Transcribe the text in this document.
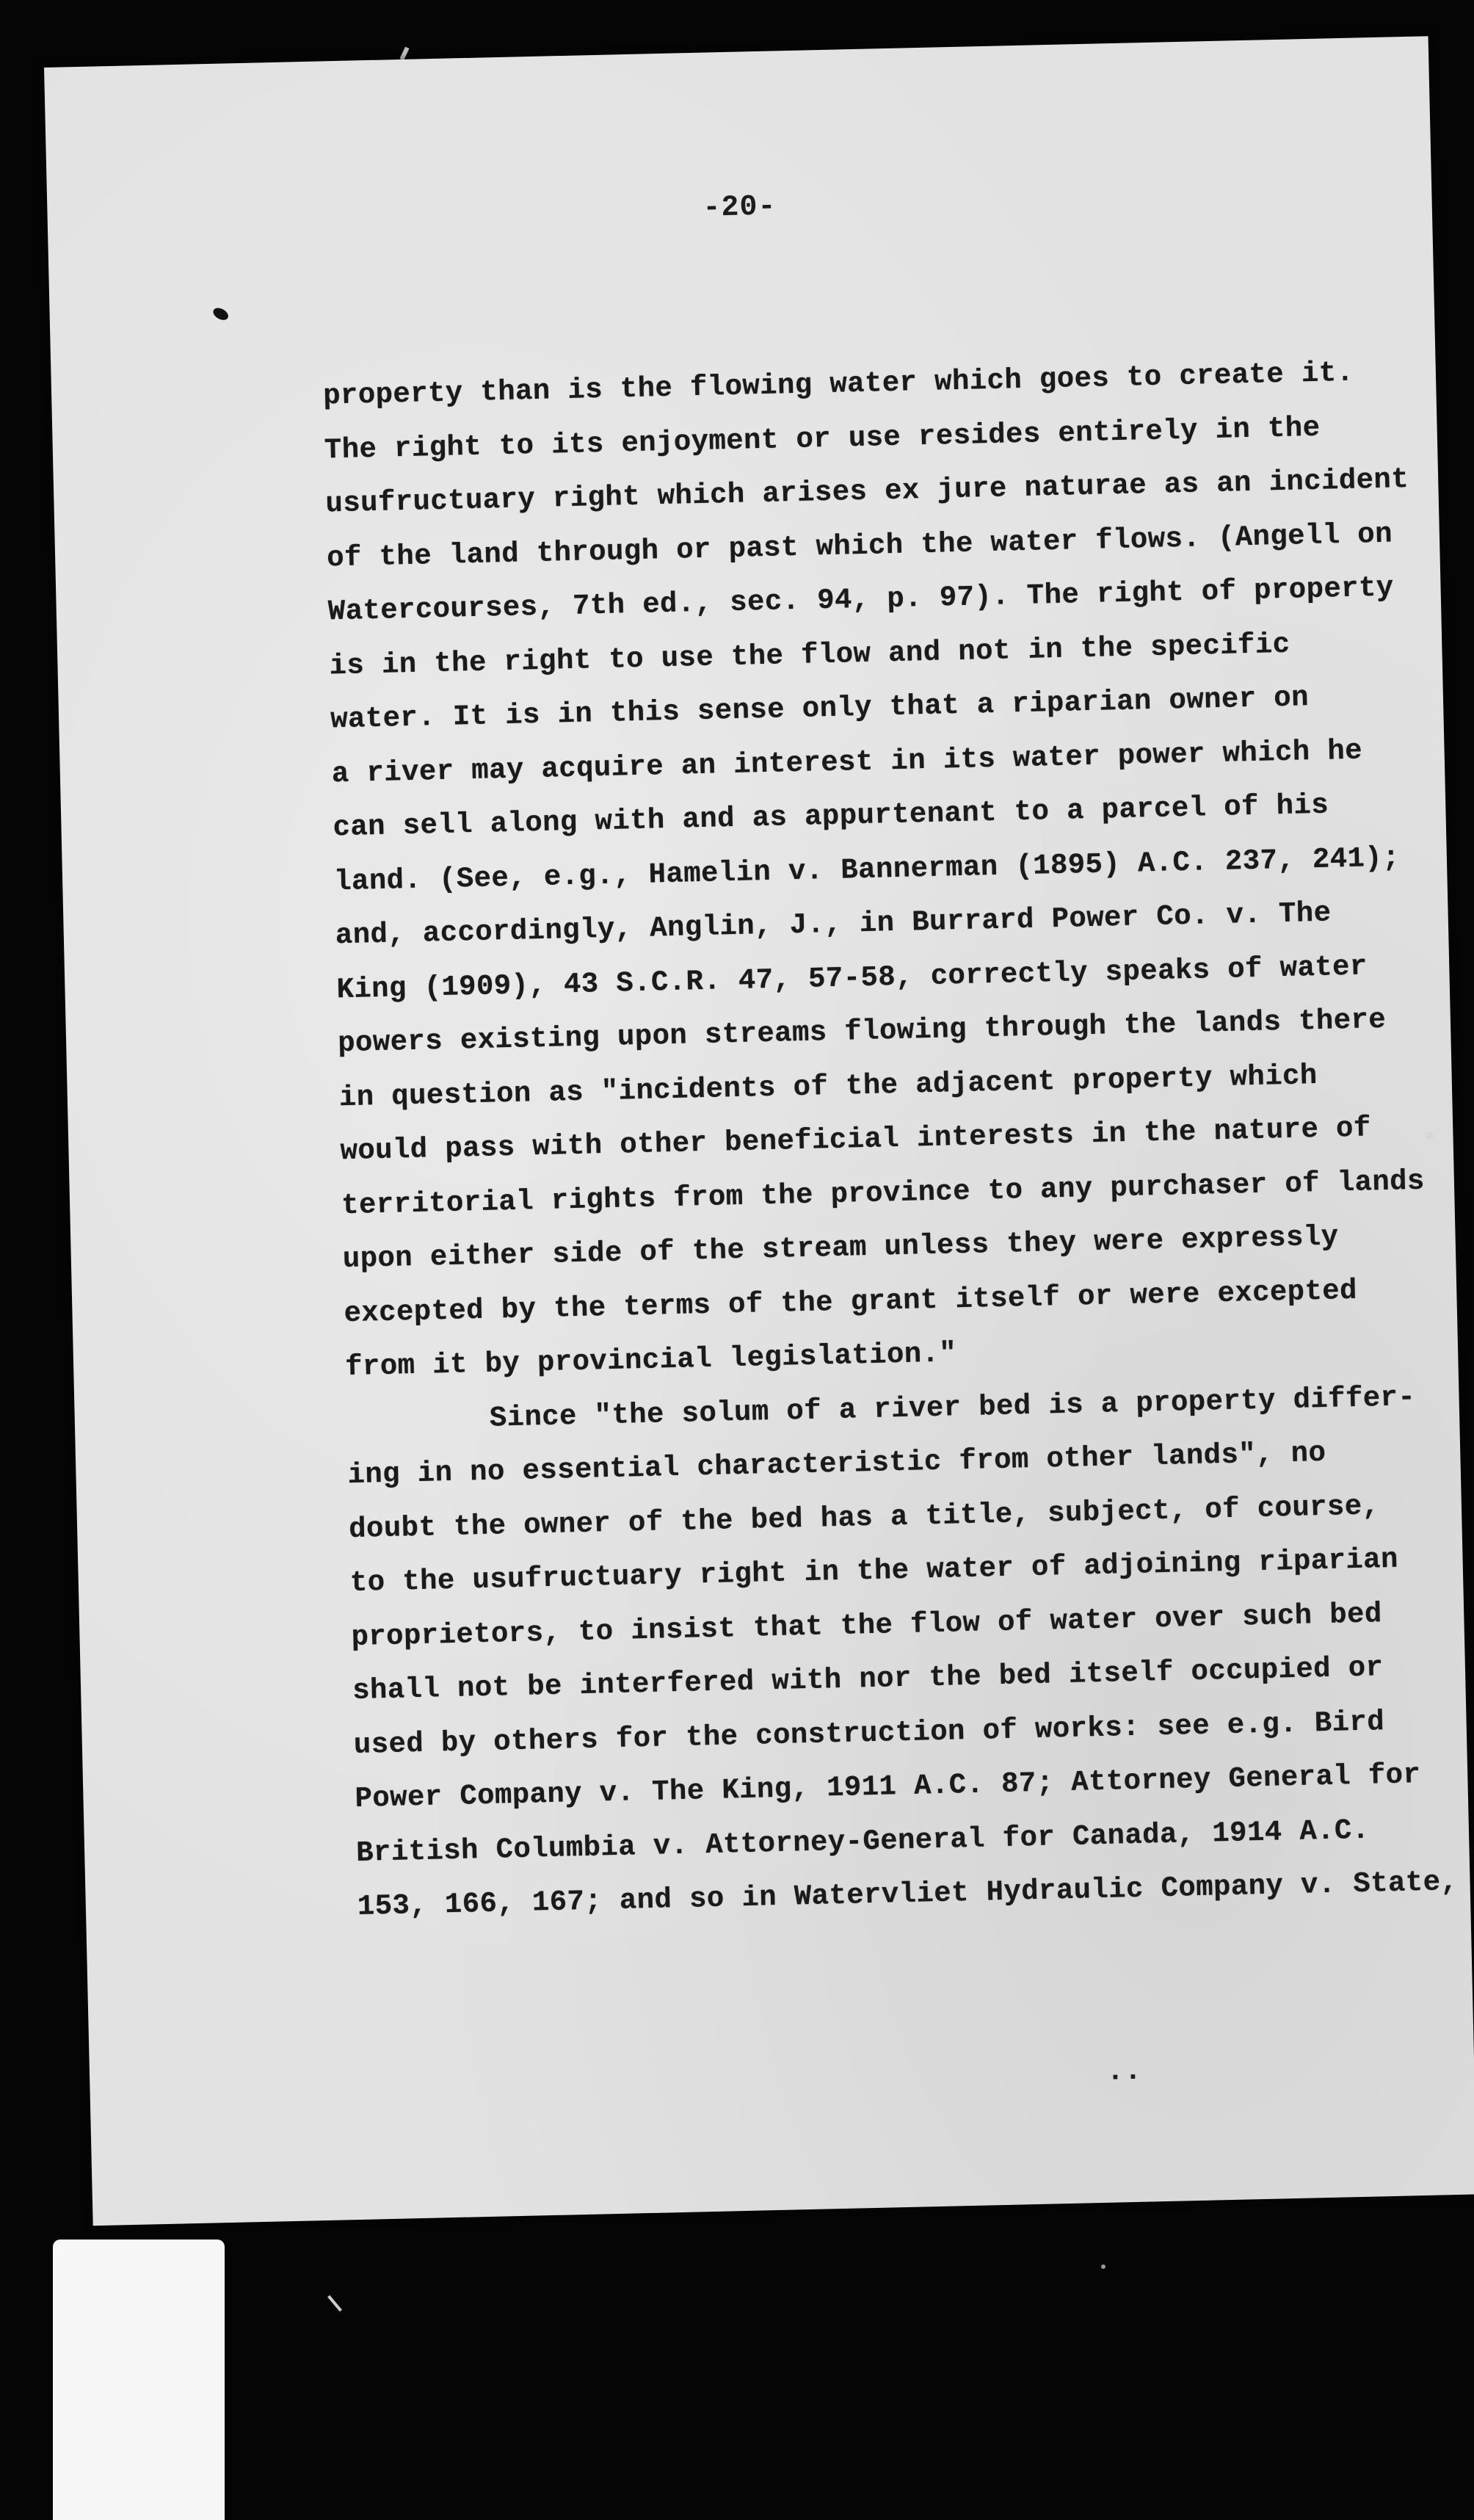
-20-
property than is the flowing water which goes to create it.
The right to its enjoyment or use resides entirely in the
usufructuary right which arises ex jure naturae as an incident
of the land through or past which the water flows. (Angell on
Watercourses, 7th ed., sec. 94, p. 97). The right of property
is in the right to use the flow and not in the specific
water. It is in this sense only that a riparian owner on
a river may acquire an interest in its water power which he
can sell along with and as appurtenant to a parcel of his
land. (See, e.g., Hamelin v. Bannerman (1895) A.C. 237, 241);
and, accordingly, Anglin, J., in Burrard Power Co. v. The
King (1909), 43 S.C.R. 47, 57-58, correctly speaks of water
powers existing upon streams flowing through the lands there
in question as "incidents of the adjacent property which
would pass with other beneficial interests in the nature of
territorial rights from the province to any purchaser of lands
upon either side of the stream unless they were expressly
excepted by the terms of the grant itself or were excepted
from it by provincial legislation."
Since "the solum of a river bed is a property differ-
ing in no essential characteristic from other lands", no
doubt the owner of the bed has a title, subject, of course,
to the usufructuary right in the water of adjoining riparian
proprietors, to insist that the flow of water over such bed
shall not be interfered with nor the bed itself occupied or
used by others for the construction of works: see e.g. Bird
Power Company v. The King, 1911 A.C. 87; Attorney General for
British Columbia v. Attorney-General for Canada, 1914 A.C.
153, 166, 167; and so in Watervliet Hydraulic Company v. State,
..
